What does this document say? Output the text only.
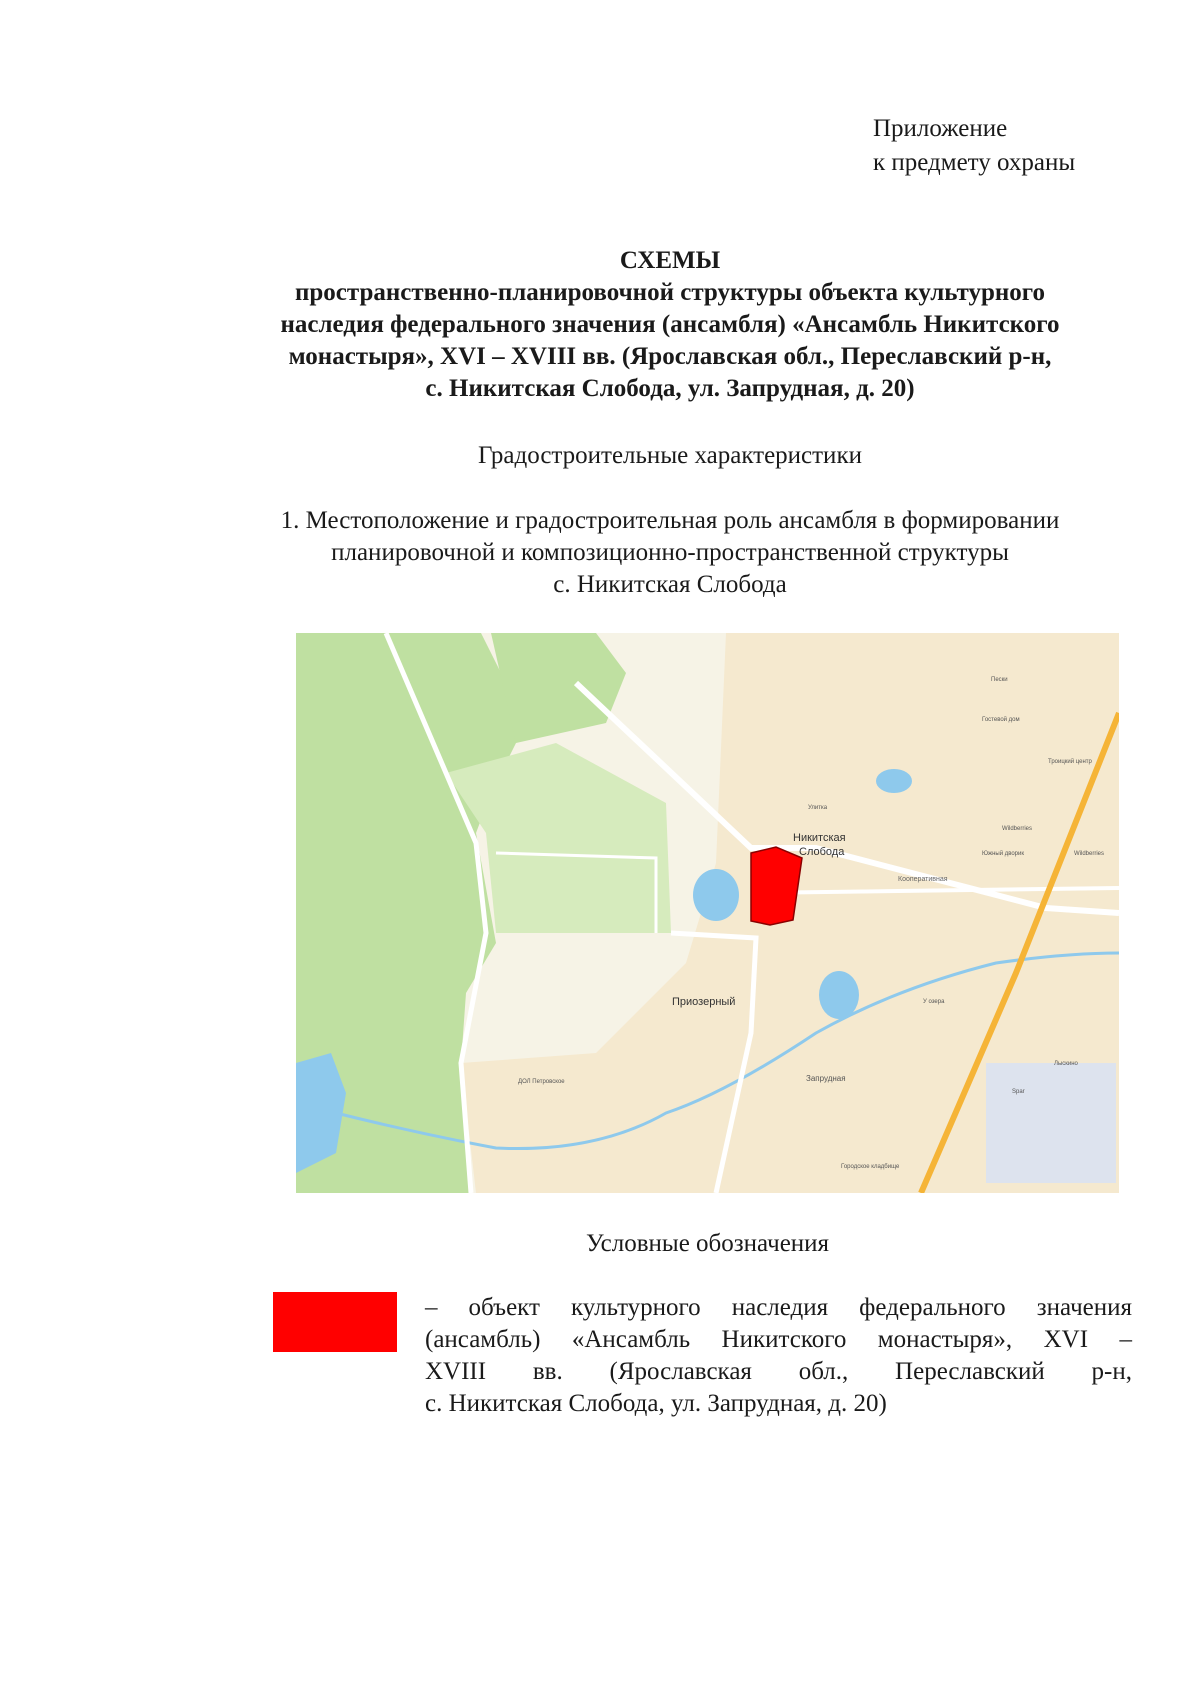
Приложение
к предмету охраны
СХЕМЫ
пространственно-планировочной структуры объекта культурного
наследия федерального значения (ансамбля) «Ансамбль Никитского
монастыря», XVI – XVIII вв. (Ярославская обл., Переславский р-н,
с. Никитская Слобода, ул. Запрудная, д. 20)
Градостроительные характеристики
1. Местоположение и градостроительная роль ансамбля в формировании
планировочной и композиционно-пространственной структуры
с. Никитская Слобода
Никитская
Слобода
Приозерный
Запрудная
Гостевой дом
Троицкий центр
Wildberries
Wildberries
Южный дворик
Кооперативная
У озера
Городское кладбище
Улитка
ДОЛ Петровское
Spar
Лыскино
Пески
Условные обозначения
– объект культурного наследия федерального значения
(ансамбль) «Ансамбль Никитского монастыря», XVI –
XVIII вв. (Ярославская обл., Переславский р-н,
с. Никитская Слобода, ул. Запрудная, д. 20)
